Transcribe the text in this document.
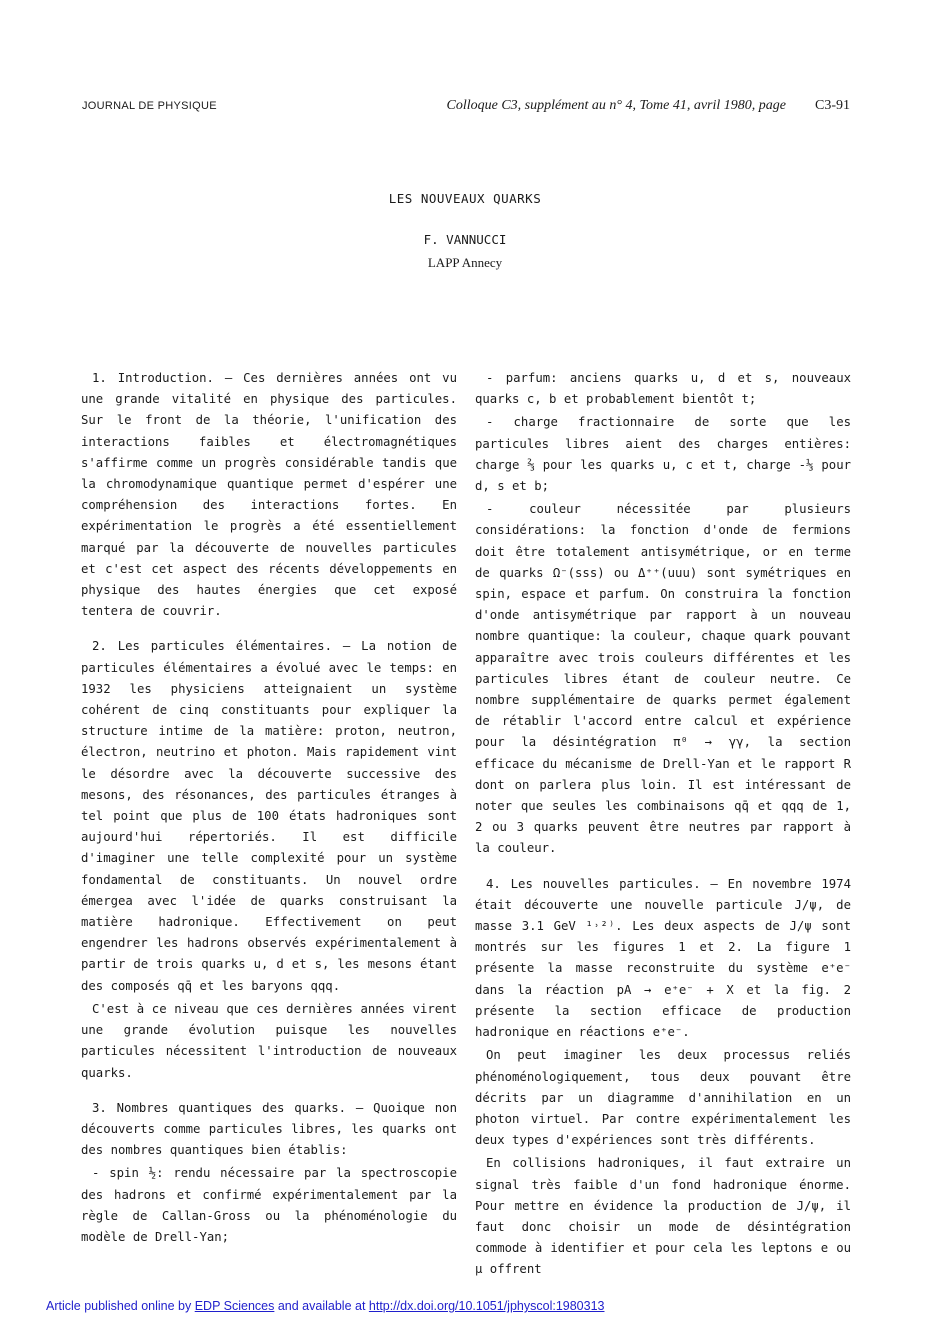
JOURNAL DE PHYSIQUE	Colloque C3, supplément au n° 4, Tome 41, avril 1980, page C3-91
LES NOUVEAUX QUARKS
F. VANNUCCI
LAPP Annecy

1. Introduction. — Ces dernières années ont vu une grande vitalité en physique des particules. Sur le front de la théorie, l'unification des interactions faibles et électromagnétiques s'affirme comme un progrès considérable tandis que la chromodynamique quantique permet d'espérer une compréhension des interactions fortes. En expérimentation le progrès a été essentiellement marqué par la découverte de nouvelles particules et c'est cet aspect des récents développements en physique des hautes énergies que cet exposé tentera de couvrir.

2. Les particules élémentaires. — La notion de particules élémentaires a évolué avec le temps: en 1932 les physiciens atteignaient un système cohérent de cinq constituants pour expliquer la structure intime de la matière: proton, neutron, électron, neutrino et photon. Mais rapidement vint le désordre avec la découverte successive des mesons, des résonances, des particules étranges à tel point que plus de 100 états hadroniques sont aujourd'hui répertoriés. Il est difficile d'imaginer une telle complexité pour un système fondamental de constituants. Un nouvel ordre émergea avec l'idée de quarks construisant la matière hadronique. Effectivement on peut engendrer les hadrons observés expérimentalement à partir de trois quarks u, d et s, les mesons étant des composés qq̄ et les baryons qqq.

C'est à ce niveau que ces dernières années virent une grande évolution puisque les nouvelles particules nécessitent l'introduction de nouveaux quarks.

3. Nombres quantiques des quarks. — Quoique non découverts comme particules libres, les quarks ont des nombres quantiques bien établis:

- spin ½: rendu nécessaire par la spectroscopie des hadrons et confirmé expérimentalement par la règle de Callan-Gross ou la phénoménologie du modèle de Drell-Yan;

- parfum: anciens quarks u, d et s, nouveaux quarks c, b et probablement bientôt t;

- charge fractionnaire de sorte que les particules libres aient des charges entières: charge ⅔ pour les quarks u, c et t, charge -⅓ pour d, s et b;

- couleur nécessitée par plusieurs considérations: la fonction d'onde de fermions doit être totalement antisymétrique, or en terme de quarks Ω⁻(sss) ou Δ⁺⁺(uuu) sont symétriques en spin, espace et parfum. On construira la fonction d'onde antisymétrique par rapport à un nouveau nombre quantique: la couleur, chaque quark pouvant apparaître avec trois couleurs différentes et les particules libres étant de couleur neutre. Ce nombre supplémentaire de quarks permet également de rétablir l'accord entre calcul et expérience pour la désintégration π⁰ → γγ, la section efficace du mécanisme de Drell-Yan et le rapport R dont on parlera plus loin. Il est intéressant de noter que seules les combinaisons qq̄ et qqq de 1, 2 ou 3 quarks peuvent être neutres par rapport à la couleur.

4. Les nouvelles particules. — En novembre 1974 était découverte une nouvelle particule J/ψ, de masse 3.1 GeV ¹˒²⁾. Les deux aspects de J/ψ sont montrés sur les figures 1 et 2. La figure 1 présente la masse reconstruite du système e⁺e⁻ dans la réaction pA → e⁺e⁻ + X et la fig. 2 présente la section efficace de production hadronique en réactions e⁺e⁻.

On peut imaginer les deux processus reliés phénoménologiquement, tous deux pouvant être décrits par un diagramme d'annihilation en un photon virtuel. Par contre expérimentalement les deux types d'expériences sont très différents.

En collisions hadroniques, il faut extraire un signal très faible d'un fond hadronique énorme. Pour mettre en évidence la production de J/ψ, il faut donc choisir un mode de désintégration commode à identifier et pour cela les leptons e ou μ offrent

Article published online by EDP Sciences and available at http://dx.doi.org/10.1051/jphyscol:1980313
